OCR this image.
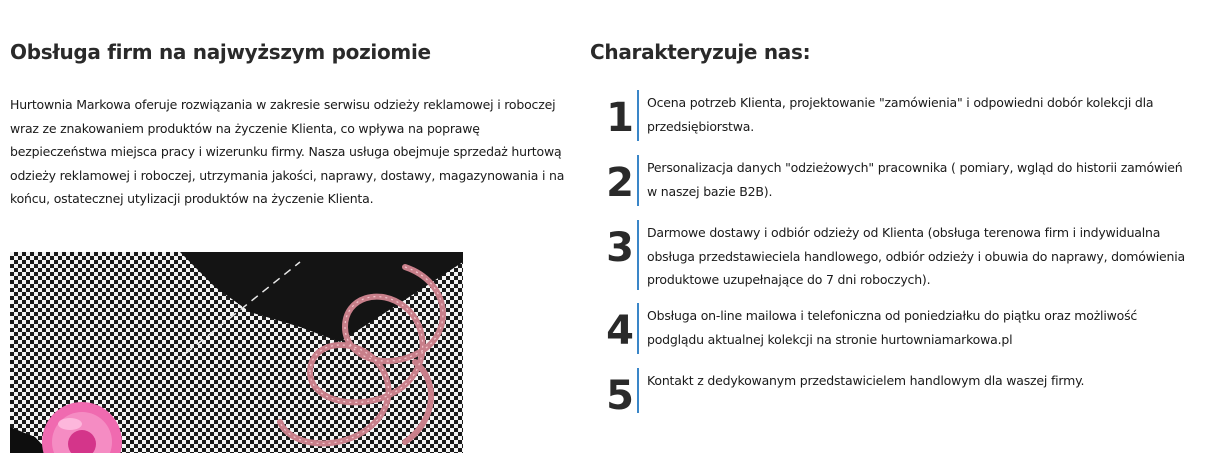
Obsługa firm na najwyższym poziomie

Hurtownia Markowa oferuje rozwiązania w zakresie serwisu odzieży reklamowej i roboczej wraz ze znakowaniem produktów na życzenie Klienta, co wpływa na poprawę bezpieczeństwa miejsca pracy i wizerunku firmy. Nasza usługa obejmuje sprzedaż hurtową odzieży reklamowej i roboczej, utrzymania jakości, naprawy, dostawy, magazynowania i na końcu, ostatecznej utylizacji produktów na życzenie Klienta.

Charakteryzuje nas:
1 Ocena potrzeb Klienta, projektowanie "zamówienia" i odpowiedni dobór kolekcji dla przedsiębiorstwa.
2 Personalizacja danych "odzieżowych" pracownika ( pomiary, wgląd do historii zamówień w naszej bazie B2B).
3 Darmowe dostawy i odbiór odzieży od Klienta (obsługa terenowa firm i indywidualna obsługa przedstawieciela handlowego, odbiór odzieży i obuwia do naprawy, domówienia produktowe uzupełnające do 7 dni roboczych).
4 Obsługa on-line mailowa i telefoniczna od poniedziałku do piątku oraz możliwość podglądu aktualnej kolekcji na stronie hurtowniamarkowa.pl
5 Kontakt z dedykowanym przedstawicielem handlowym dla waszej firmy.
